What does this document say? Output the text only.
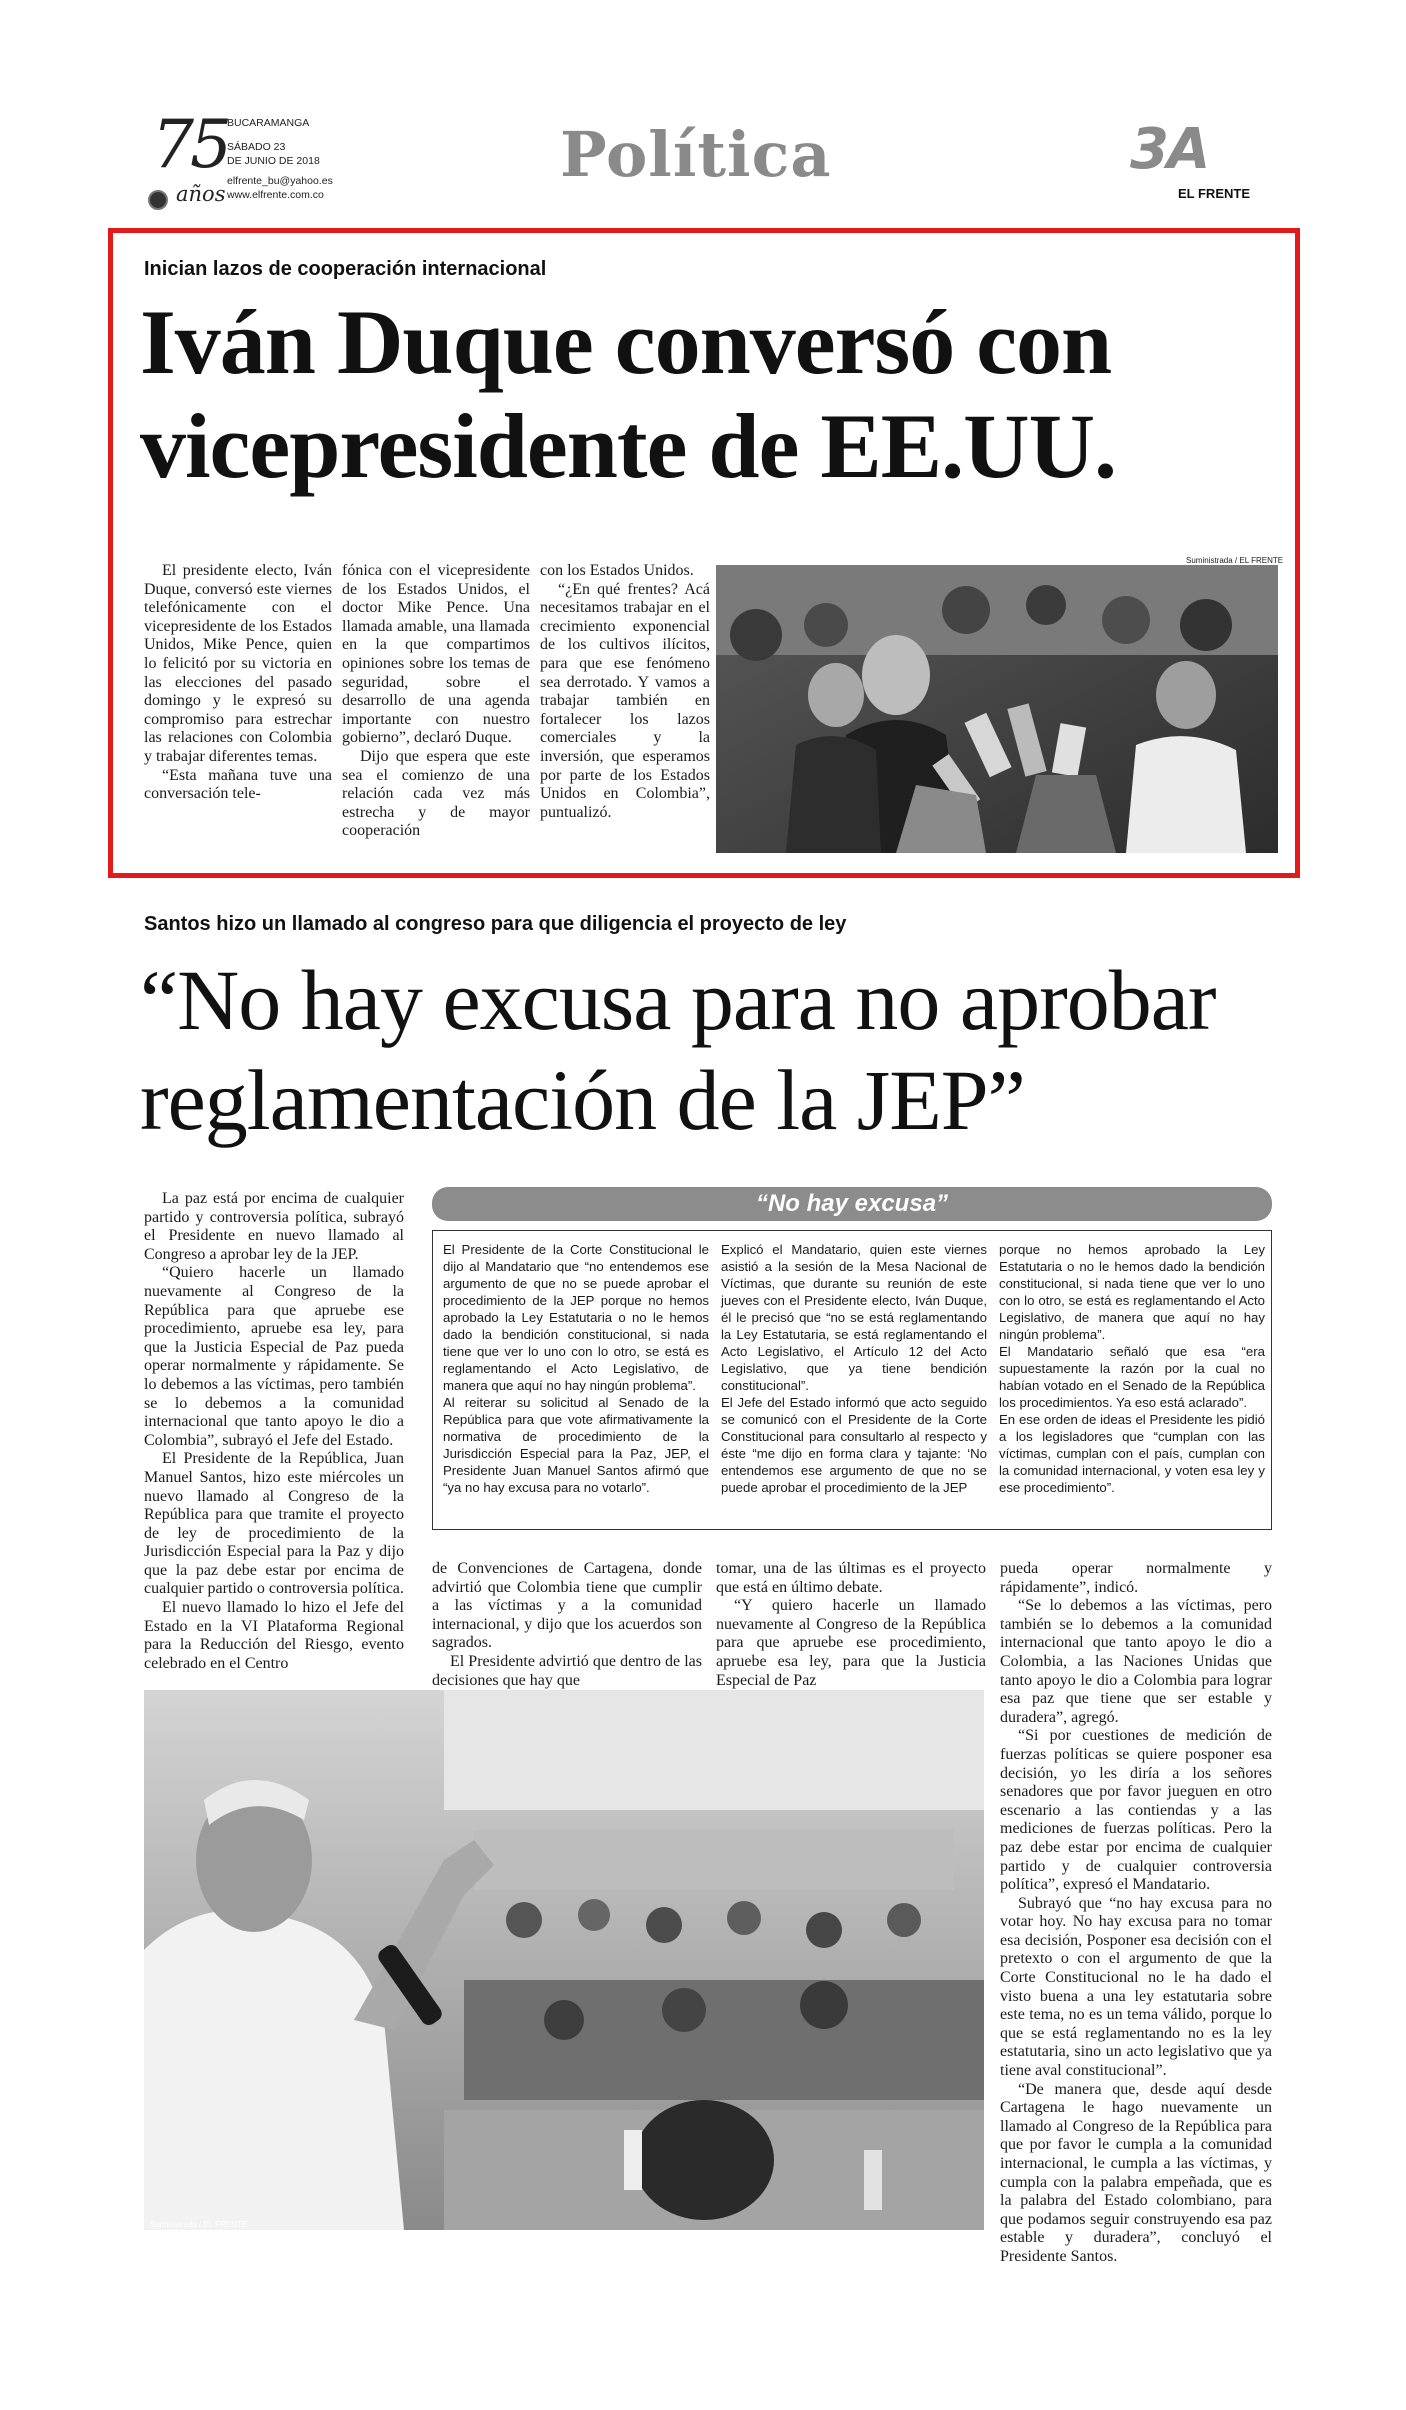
75
años
BUCARAMANGA
SÁBADO 23
DE JUNIO DE 2018
elfrente_bu@yahoo.es
www.elfrente.com.co
Política	3A
EL FRENTE
Inician lazos de cooperación internacional
Iván Duque conversó con vicepresidente de EE.UU.

El presidente electo, Iván Duque, conversó este viernes telefónicamente con el vicepresidente de los Estados Unidos, Mike Pence, quien lo felicitó por su victoria en las elecciones del pasado domingo y le expresó su compromiso para estrechar las relaciones con Colombia y trabajar diferentes temas.

“Esta mañana tuve una conversación tele-

fónica con el vicepresidente de los Estados Unidos, el doctor Mike Pence. Una llamada amable, una llamada en la que compartimos opiniones sobre los temas de seguridad, sobre el desarrollo de una agenda importante con nuestro gobierno”, declaró Duque.

Dijo que espera que este sea el comienzo de una relación cada vez más estrecha y de mayor cooperación

con los Estados Unidos.

“¿En qué frentes? Acá necesitamos trabajar en el crecimiento exponencial de los cultivos ilícitos, para que ese fenómeno sea derrotado. Y vamos a trabajar también en fortalecer los lazos comerciales y la inversión, que esperamos por parte de los Estados Unidos en Colombia”, puntualizó.

Suministrada / EL FRENTE
Santos hizo un llamado al congreso para que diligencia el proyecto de ley
“No hay excusa para no aprobar reglamentación de la JEP”

La paz está por encima de cualquier partido y controversia política, subrayó el Presidente en nuevo llamado al Congreso a aprobar ley de la JEP.

“Quiero hacerle un llamado nuevamente al Congreso de la República para que apruebe ese procedimiento, apruebe esa ley, para que la Justicia Especial de Paz pueda operar normalmente y rápidamente. Se lo debemos a las víctimas, pero también se lo debemos a la comunidad internacional que tanto apoyo le dio a Colombia”, subrayó el Jefe del Estado.

El Presidente de la República, Juan Manuel Santos, hizo este miércoles un nuevo llamado al Congreso de la República para que tramite el proyecto de ley de procedimiento de la Jurisdicción Especial para la Paz y dijo que la paz debe estar por encima de cualquier partido o controversia política.

El nuevo llamado lo hizo el Jefe del Estado en la VI Plataforma Regional para la Reducción del Riesgo, evento celebrado en el Centro

“No hay excusa”

El Presidente de la Corte Constitucional le dijo al Mandatario que “no entendemos ese argumento de que no se puede aprobar el procedimiento de la JEP porque no hemos aprobado la Ley Estatutaria o no le hemos dado la bendición constitucional, si nada tiene que ver lo uno con lo otro, se está es reglamentando el Acto Legislativo, de manera que aquí no hay ningún problema”.

Al reiterar su solicitud al Senado de la República para que vote afirmativamente la normativa de procedimiento de la Jurisdicción Especial para la Paz, JEP, el Presidente Juan Manuel Santos afirmó que “ya no hay excusa para no votarlo”.

Explicó el Mandatario, quien este viernes asistió a la sesión de la Mesa Nacional de Víctimas, que durante su reunión de este jueves con el Presidente electo, Iván Duque, él le precisó que “no se está reglamentando la Ley Estatutaria, se está reglamentando el Acto Legislativo, el Artículo 12 del Acto Legislativo, que ya tiene bendición constitucional”.

El Jefe del Estado informó que acto seguido se comunicó con el Presidente de la Corte Constitucional para consultarlo al respecto y éste “me dijo en forma clara y tajante: ‘No entendemos ese argumento de que no se puede aprobar el procedimiento de la JEP

porque no hemos aprobado la Ley Estatutaria o no le hemos dado la bendición constitucional, si nada tiene que ver lo uno con lo otro, se está es reglamentando el Acto Legislativo, de manera que aquí no hay ningún problema”.

El Mandatario señaló que esa “era supuestamente la razón por la cual no habían votado en el Senado de la República los procedimientos. Ya eso está aclarado”.

En ese orden de ideas el Presidente les pidió a los legisladores que “cumplan con las víctimas, cumplan con el país, cumplan con la comunidad internacional, y voten esa ley y ese procedimiento”.

de Convenciones de Cartagena, donde advirtió que Colombia tiene que cumplir a las víctimas y a la comunidad internacional, y dijo que los acuerdos son sagrados.

El Presidente advirtió que dentro de las decisiones que hay que

tomar, una de las últimas es el proyecto que está en último debate.

“Y quiero hacerle un llamado nuevamente al Congreso de la República para que apruebe ese procedimiento, apruebe esa ley, para que la Justicia Especial de Paz

pueda operar normalmente y rápidamente”, indicó.

“Se lo debemos a las víctimas, pero también se lo debemos a la comunidad internacional que tanto apoyo le dio a Colombia, a las Naciones Unidas que tanto apoyo le dio a Colombia para lograr esa paz que tiene que ser estable y duradera”, agregó.

“Si por cuestiones de medición de fuerzas políticas se quiere posponer esa decisión, yo les diría a los señores senadores que por favor jueguen en otro escenario a las contiendas y a las mediciones de fuerzas políticas. Pero la paz debe estar por encima de cualquier partido y de cualquier controversia política”, expresó el Mandatario.

Subrayó que “no hay excusa para no votar hoy. No hay excusa para no tomar esa decisión, Posponer esa decisión con el pretexto o con el argumento de que la Corte Constitucional no le ha dado el visto buena a una ley estatutaria sobre este tema, no es un tema válido, porque lo que se está reglamentando no es la ley estatutaria, sino un acto legislativo que ya tiene aval constitucional”.

“De manera que, desde aquí desde Cartagena le hago nuevamente un llamado al Congreso de la República para que por favor le cumpla a la comunidad internacional, le cumpla a las víctimas, y cumpla con la palabra empeñada, que es la palabra del Estado colombiano, para que podamos seguir construyendo esa paz estable y duradera”, concluyó el Presidente Santos.

Suministrada / EL FRENTE
